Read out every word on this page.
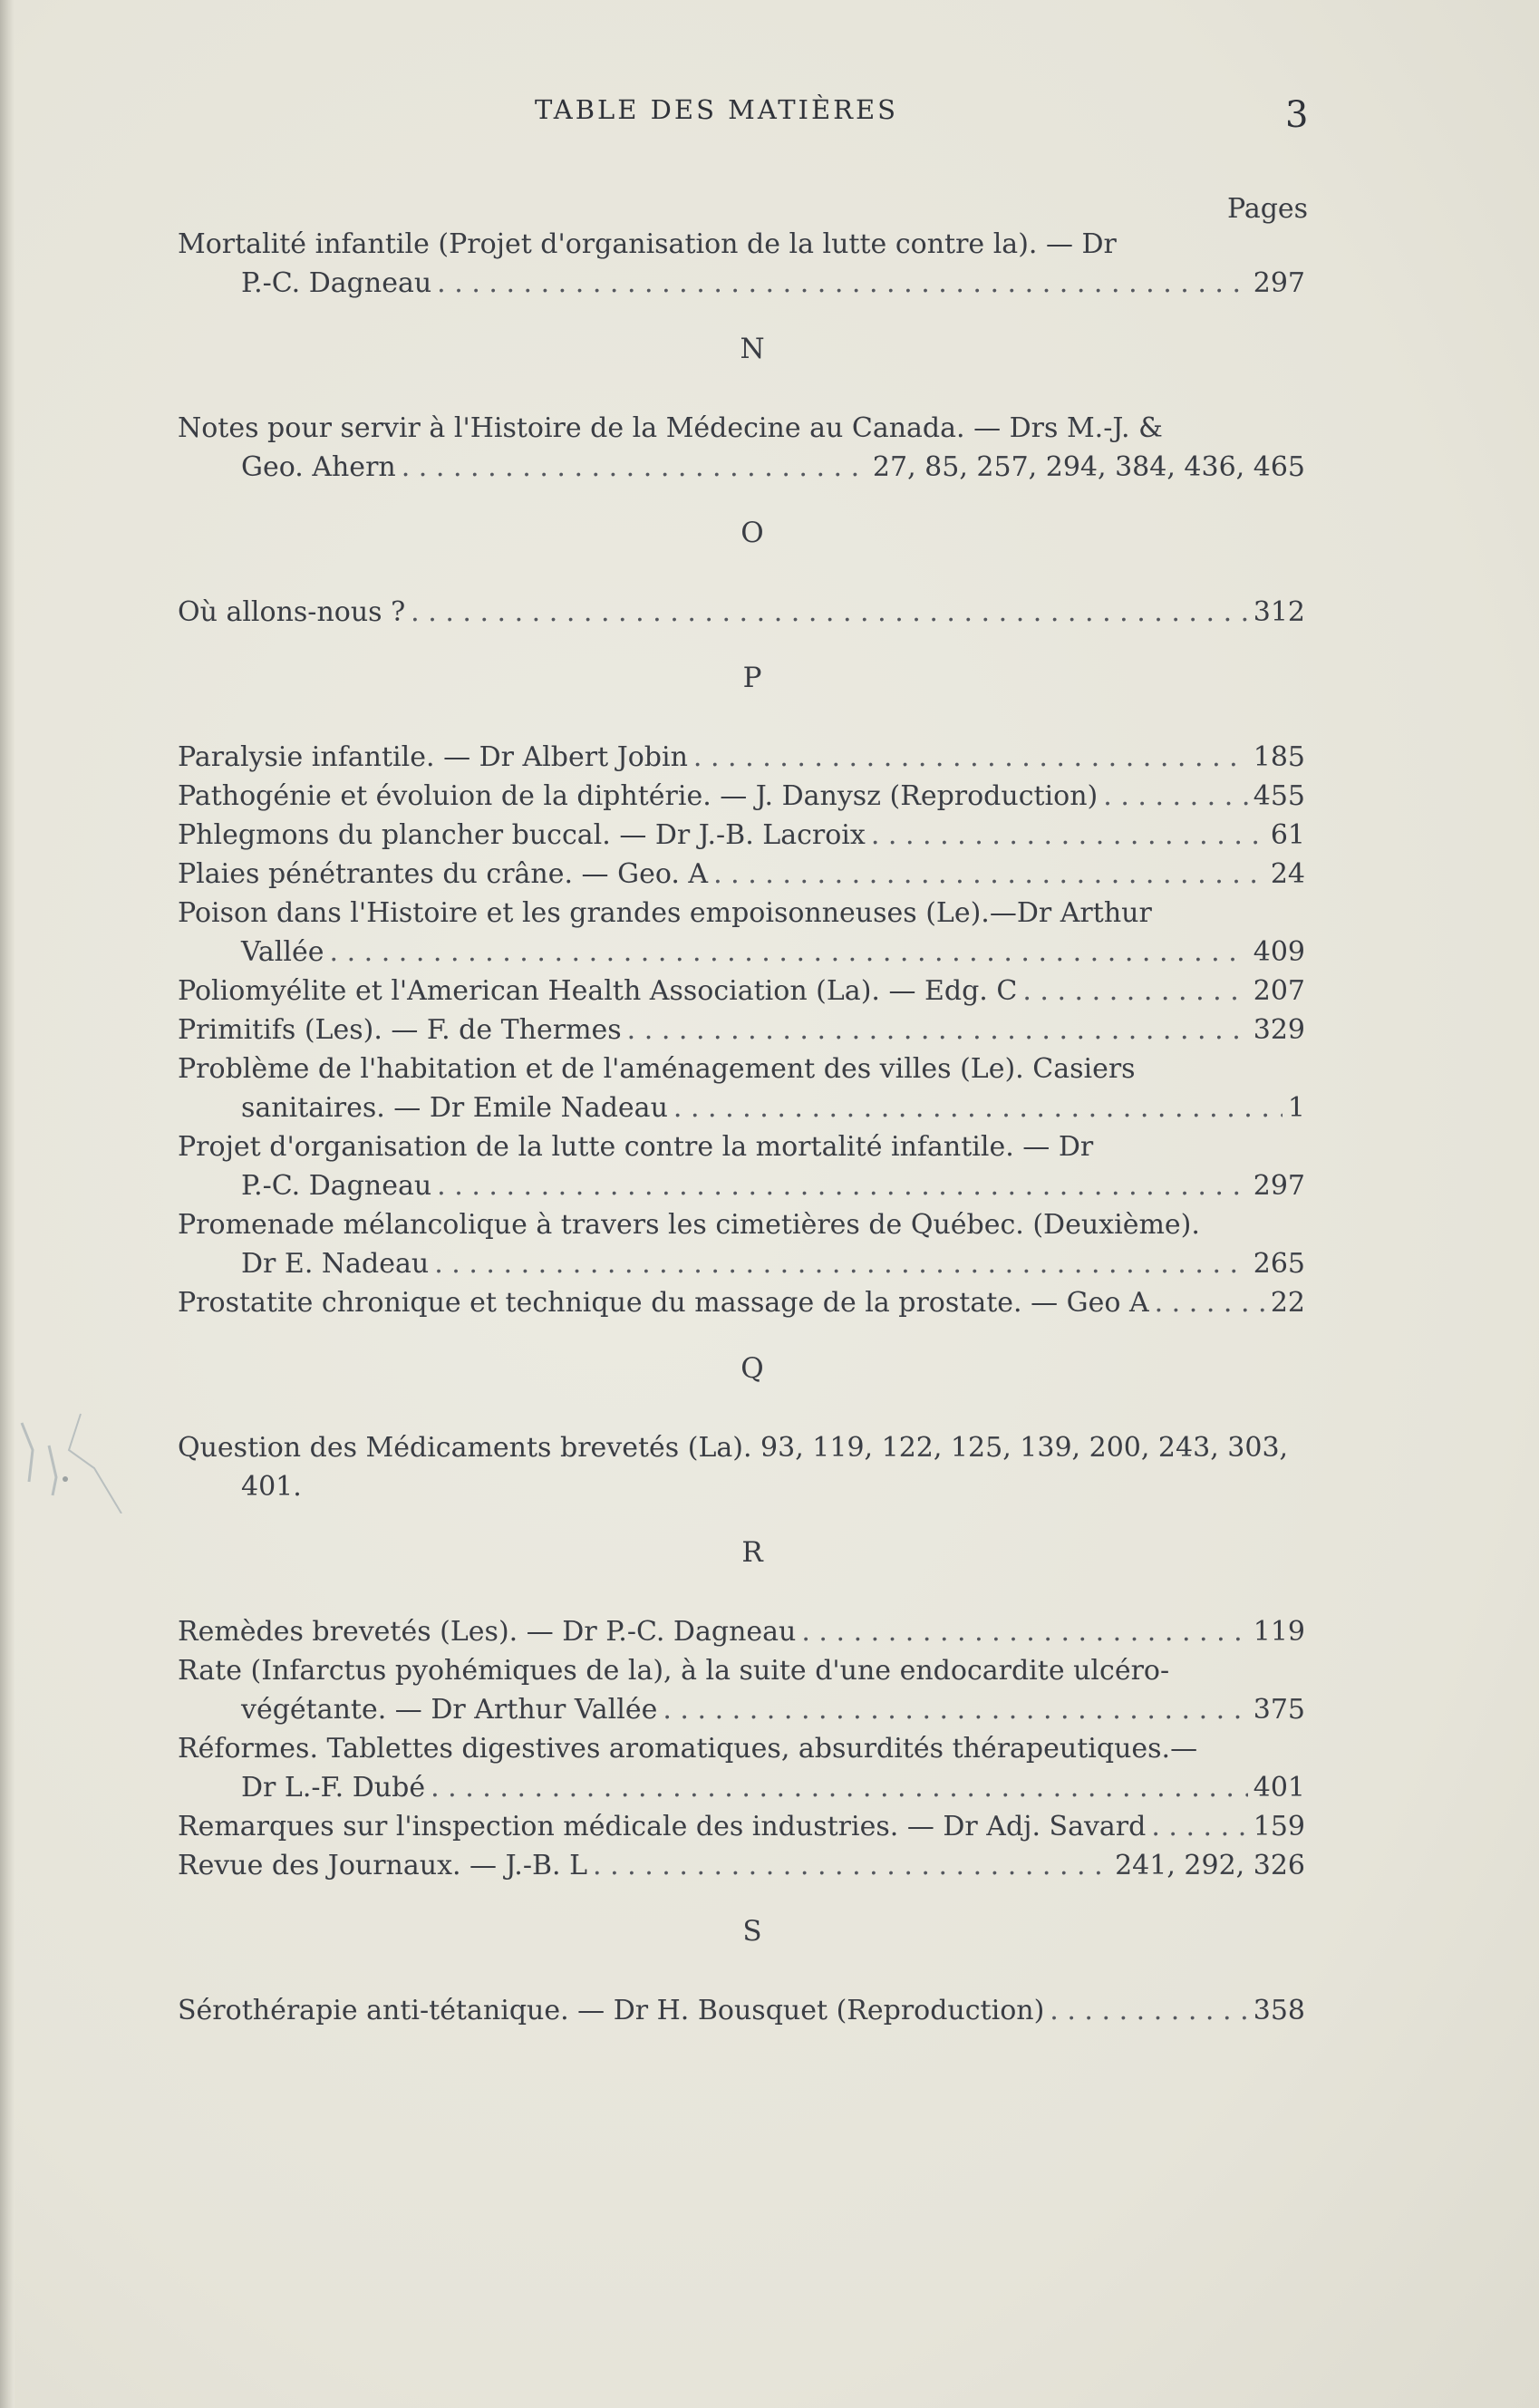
TABLE DES MATIÈRES	3
Pages
Mortalité infantile (Projet d'organisation de la lutte contre la). — Dr
P.-C. Dagneau . . .	297
N
Notes pour servir à l'Histoire de la Médecine au Canada. — Drs M.-J. &
Geo. Ahern . . .	27, 85, 257, 294, 384, 436, 465
O
Où allons-nous ? . . .	312
P
Paralysie infantile. — Dr Albert Jobin . . .	185
Pathogénie et évoluion de la diphtérie. — J. Danysz (Reproduction) . . .	455
Phlegmons du plancher buccal. — Dr J.-B. Lacroix . . .	61
Plaies pénétrantes du crâne. — Geo. A . . .	24
Poison dans l'Histoire et les grandes empoisonneuses (Le).—Dr Arthur
Vallée . . .	409
Poliomyélite et l'American Health Association (La). — Edg. C . . .	207
Primitifs (Les). — F. de Thermes . . .	329
Problème de l'habitation et de l'aménagement des villes (Le). Casiers
sanitaires. — Dr Emile Nadeau . . .	1
Projet d'organisation de la lutte contre la mortalité infantile. — Dr
P.-C. Dagneau . . .	297
Promenade mélancolique à travers les cimetières de Québec. (Deuxième).
Dr E. Nadeau . . .	265
Prostatite chronique et technique du massage de la prostate. — Geo A . . .	22
Q
Question des Médicaments brevetés (La). 93, 119, 122, 125, 139, 200, 243, 303,
401.
R
Remèdes brevetés (Les). — Dr P.-C. Dagneau . . .	119
Rate (Infarctus pyohémiques de la), à la suite d'une endocardite ulcéro-
végétante. — Dr Arthur Vallée . . .	375
Réformes. Tablettes digestives aromatiques, absurdités thérapeutiques.—
Dr L.-F. Dubé . . .	401
Remarques sur l'inspection médicale des industries. — Dr Adj. Savard . . .	159
Revue des Journaux. — J.-B. L . . .	241, 292, 326
S
Sérothérapie anti-tétanique. — Dr H. Bousquet (Reproduction) . . .	358
